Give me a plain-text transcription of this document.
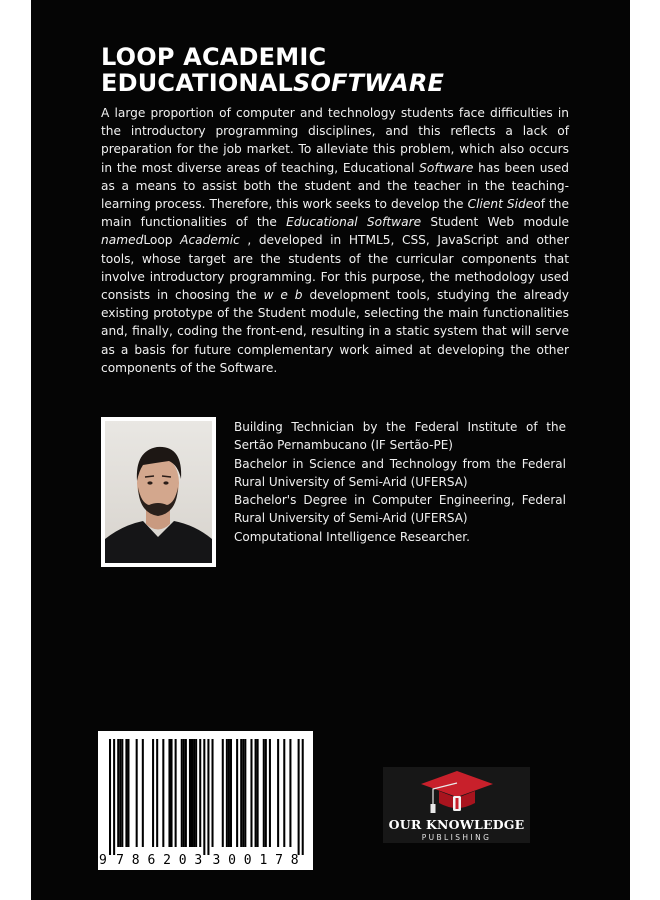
LOOP ACADEMIC
EDUCATIONALSOFTWARE

A large proportion of computer and technology students face difficulties in the introductory programming disciplines, and this reflects a lack of preparation for the job market. To alleviate this problem, which also occurs in the most diverse areas of teaching, Educational Software has been used as a means to assist both the student and the teacher in the teaching-learning process. Therefore, this work seeks to develop the Client Sideof the main functionalities of the Educational Software Student Web module namedLoop Academic , developed in HTML5, CSS, JavaScript and other tools, whose target are the students of the curricular components that involve introductory programming. For this purpose, the methodology used consists in choosing the w e b development tools, studying the already existing prototype of the Student module, selecting the main functionalities and, finally, coding the front-end, resulting in a static system that will serve as a basis for future complementary work aimed at developing the other components of the Software.

Building Technician by the Federal Institute of the Sertão Pernambucano (IF Sertão-PE)

Bachelor in Science and Technology from the Federal Rural University of Semi-Arid (UFERSA)

Bachelor's Degree in Computer Engineering, Federal Rural University of Semi-Arid (UFERSA)

Computational Intelligence Researcher.

9 7 8 6 2 0 3 3 0 0 1 7 8
OUR KNOWLEDGE
PUBLISHING
